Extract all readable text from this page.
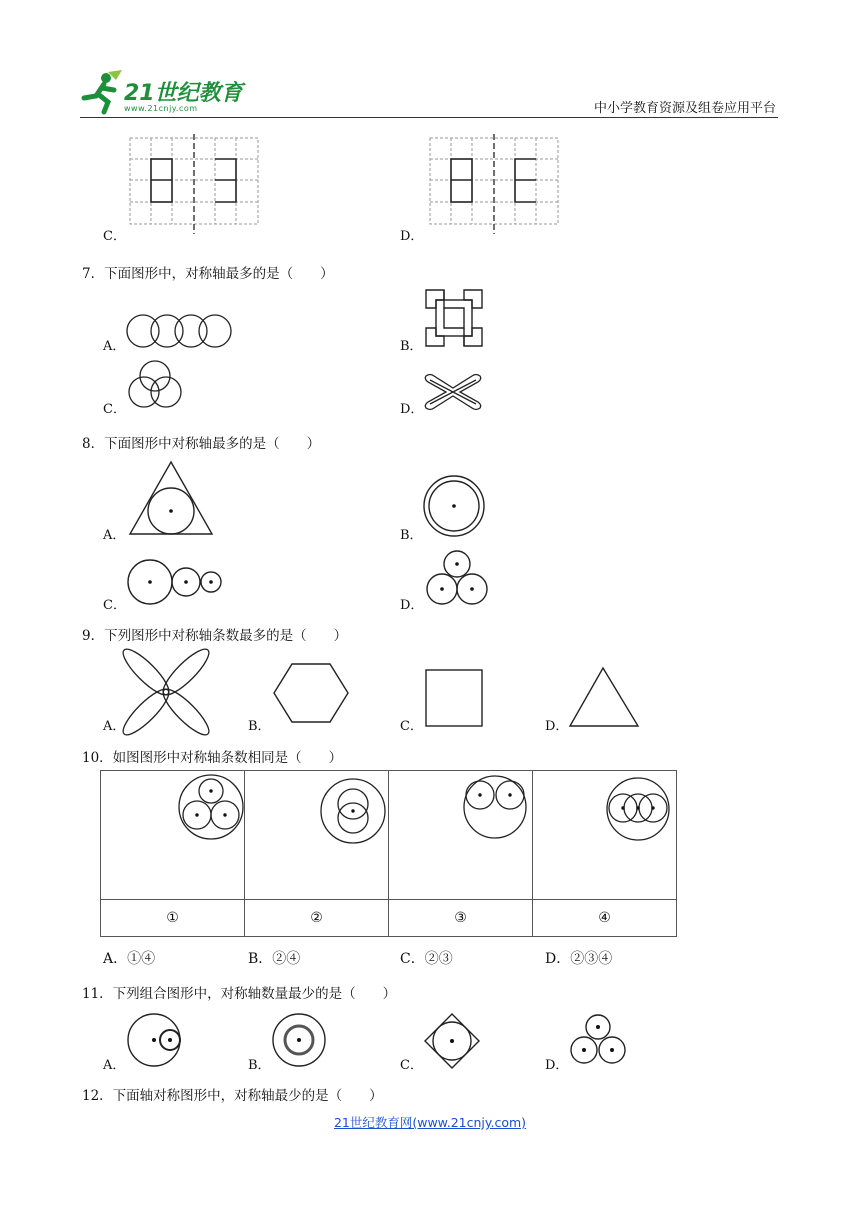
21世纪教育
www.21cnjy.com	中小学教育资源及组卷应用平台
C．	D．
7．下面图形中，对称轴最多的是（　　）
A．	B．
C．	D．
8．下面图形中对称轴最多的是（　　）
A．	B．
C．	D．
9．下列图形中对称轴条数最多的是（　　）
A．	B．	C．	D．
10．如图图形中对称轴条数相同是（　　）

①	②	③	④
A．①④	B．②④	C．②③	D．②③④
11．下列组合图形中，对称轴数量最少的是（　　）
A．	B．	C．	D．
12．下面轴对称图形中，对称轴最少的是（　　）
21世纪教育网(www.21cnjy.com)
